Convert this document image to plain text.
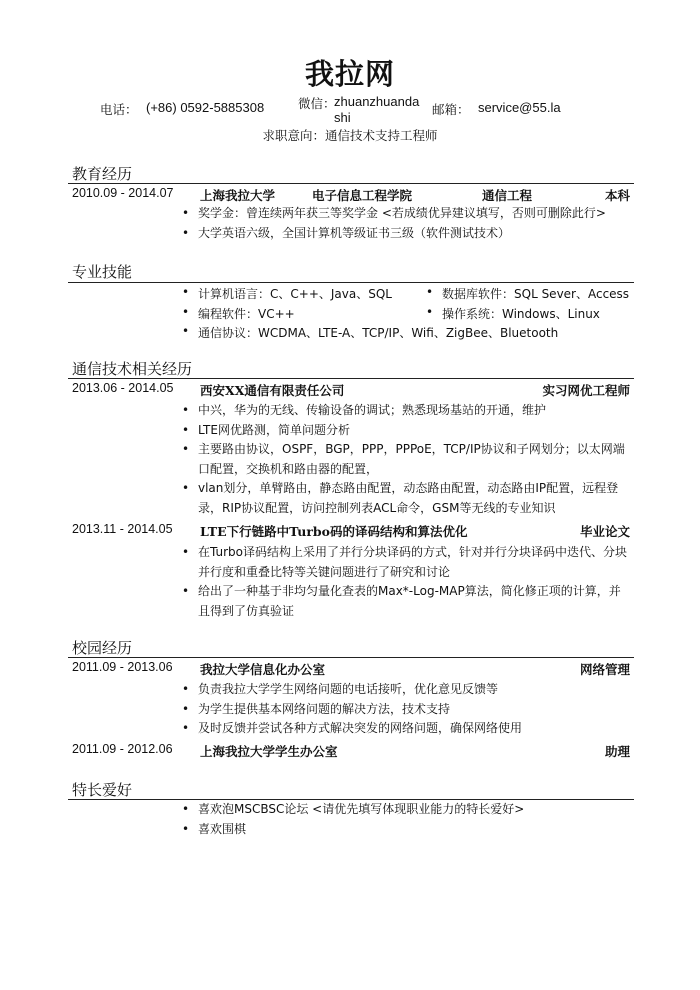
我拉网
电话： (+86) 0592-5885308	微信：
zhuanzhuandashi
邮箱： service@55.la
求职意向：通信技术支持工程师
教育经历
2010.09 - 2014.07 上海我拉大学	电子信息工程学院	通信工程	本科
• 奖学金：曾连续两年获三等奖学金 <若成绩优异建议填写，否则可删除此行>
• 大学英语六级，全国计算机等级证书三级（软件测试技术）
专业技能
• 计算机语言：C、C++、Java、SQL	• 数据库软件：SQL Sever、Access
• 编程软件：VC++	• 操作系统：Windows、Linux
• 通信协议：WCDMA、LTE-A、TCP/IP、Wifi、ZigBee、Bluetooth
通信技术相关经历
2013.06 - 2014.05 西安XX通信有限责任公司	实习网优工程师
• 中兴，华为的无线、传输设备的调试；熟悉现场基站的开通，维护
• LTE网优路测，简单问题分析
• 主要路由协议，OSPF，BGP，PPP，PPPoE，TCP/IP协议和子网划分；以太网端口配置，交换机和路由器的配置，
• vlan划分，单臂路由，静态路由配置，动态路由配置，动态路由IP配置，远程登录，RIP协议配置，访问控制列表ACL命令，GSM等无线的专业知识
2013.11 - 2014.05 LTE下行链路中Turbo码的译码结构和算法优化	毕业论文
• 在Turbo译码结构上采用了并行分块译码的方式，针对并行分块译码中迭代、分块并行度和重叠比特等关键问题进行了研究和讨论
• 给出了一种基于非均匀量化查表的Max*-Log-MAP算法，简化修正项的计算，并且得到了仿真验证
校园经历
2011.09 - 2013.06 我拉大学信息化办公室	网络管理
• 负责我拉大学学生网络问题的电话接听，优化意见反馈等
• 为学生提供基本网络问题的解决方法，技术支持
• 及时反馈并尝试各种方式解决突发的网络问题，确保网络使用
2011.09 - 2012.06 上海我拉大学学生办公室	助理
特长爱好
• 喜欢泡MSCBSC论坛 <请优先填写体现职业能力的特长爱好>
• 喜欢围棋
